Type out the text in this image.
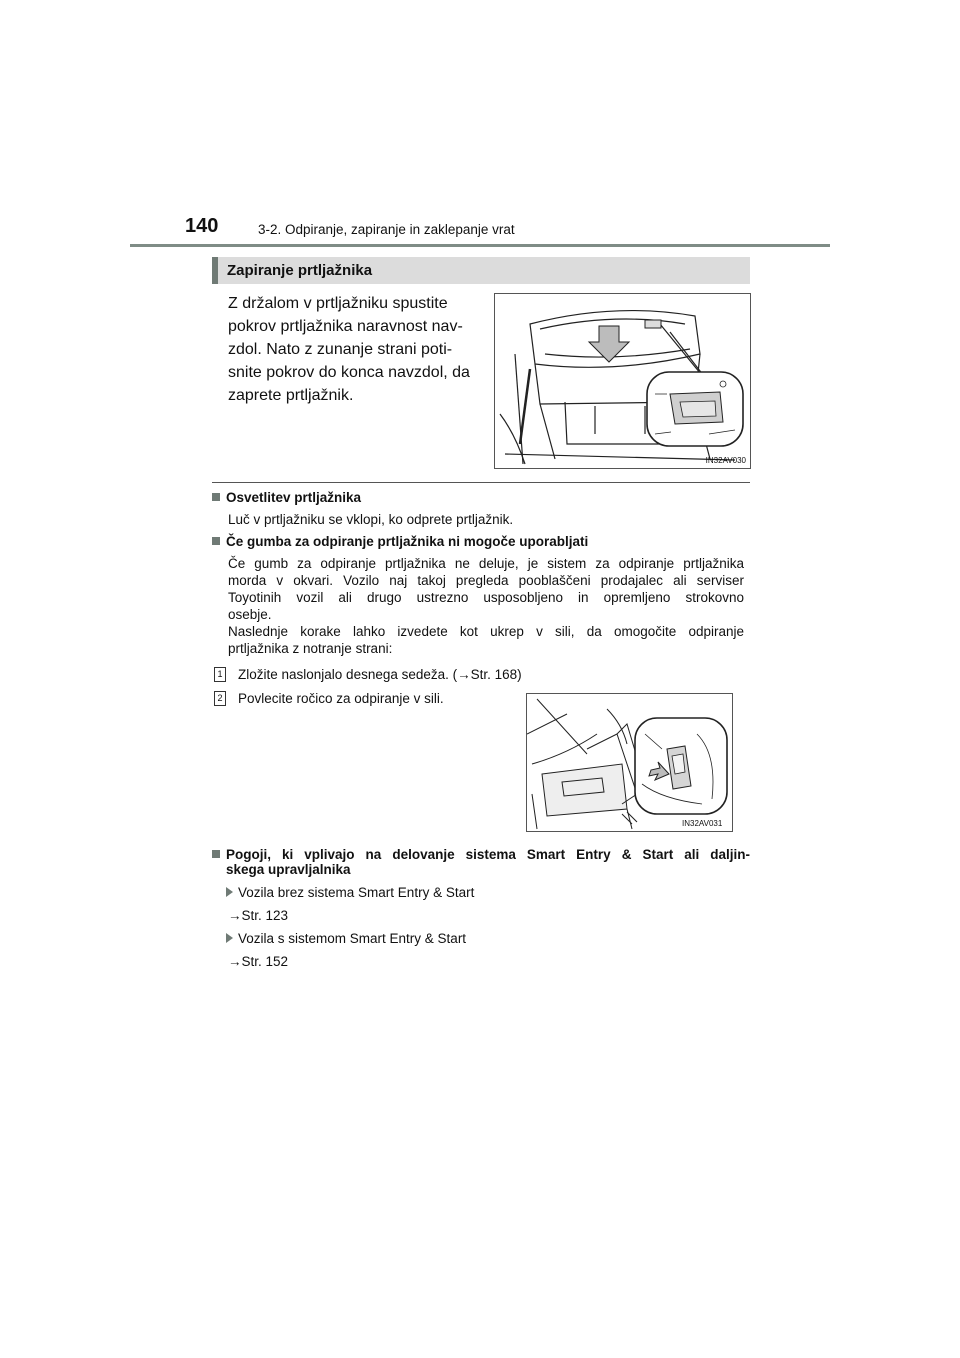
140	3-2. Odpiranje, zapiranje in zaklepanje vrat
Zapiranje prtljažnika
Z držalom v prtljažniku spustite
pokrov prtljažnika naravnost nav-
zdol. Nato z zunanje strani poti-
snite pokrov do konca navzdol, da
zaprete prtljažnik.
IN32AV030
Osvetlitev prtljažnika
Luč v prtljažniku se vklopi, ko odprete prtljažnik.
Če gumba za odpiranje prtljažnika ni mogoče uporabljati
Če gumb za odpiranje prtljažnika ne deluje, je sistem za odpiranje prtljažnika
morda v okvari. Vozilo naj takoj pregleda pooblaščeni prodajalec ali serviser
Toyotinih vozil ali drugo ustrezno usposobljeno in opremljeno strokovno
osebje.
Naslednje korake lahko izvedete kot ukrep v sili, da omogočite odpiranje
prtljažnika z notranje strani:
1 Zložite naslonjalo desnega sedeža. (→Str. 168)
2 Povlecite ročico za odpiranje v sili.
IN32AV031
Pogoji, ki vplivajo na delovanje sistema Smart Entry & Start ali daljin-
skega upravljalnika
Vozila brez sistema Smart Entry & Start
→Str. 123
Vozila s sistemom Smart Entry & Start
→Str. 152
